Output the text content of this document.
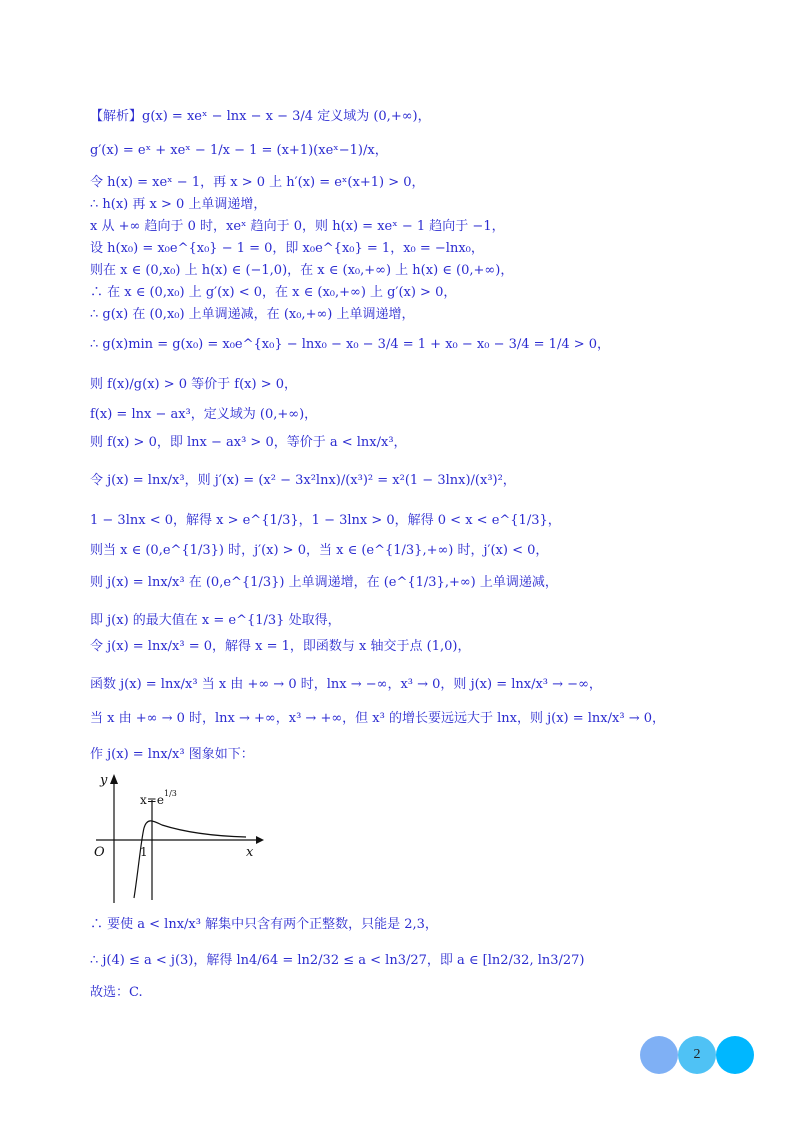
【解析】g(x) = xeˣ − lnx − x − 3/4 定义域为 (0,+∞)，
g′(x) = eˣ + xeˣ − 1/x − 1 = (x+1)(xeˣ−1)/x，
令 h(x) = xeˣ − 1，再 x > 0 上 h′(x) = eˣ(x+1) > 0，
∴ h(x) 再 x > 0 上单调递增，
x 从 +∞ 趋向于 0 时，xeˣ 趋向于 0，则 h(x) = xeˣ − 1 趋向于 −1，
设 h(x₀) = x₀e^{x₀} − 1 = 0，即 x₀e^{x₀} = 1，x₀ = −lnx₀，
则在 x ∈ (0,x₀) 上 h(x) ∈ (−1,0)，在 x ∈ (x₀,+∞) 上 h(x) ∈ (0,+∞)，
∴ 在 x ∈ (0,x₀) 上 g′(x) < 0，在 x ∈ (x₀,+∞) 上 g′(x) > 0，
∴ g(x) 在 (0,x₀) 上单调递减，在 (x₀,+∞) 上单调递增，
∴ g(x)min = g(x₀) = x₀e^{x₀} − lnx₀ − x₀ − 3/4 = 1 + x₀ − x₀ − 3/4 = 1/4 > 0，
则 f(x)/g(x) > 0 等价于 f(x) > 0，
f(x) = lnx − ax³，定义域为 (0,+∞)，
则 f(x) > 0，即 lnx − ax³ > 0，等价于 a < lnx/x³，
令 j(x) = lnx/x³，则 j′(x) = (x² − 3x²lnx)/(x³)² = x²(1 − 3lnx)/(x³)²，
1 − 3lnx < 0，解得 x > e^{1/3}，1 − 3lnx > 0，解得 0 < x < e^{1/3}，
则当 x ∈ (0,e^{1/3}) 时，j′(x) > 0，当 x ∈ (e^{1/3},+∞) 时，j′(x) < 0，
则 j(x) = lnx/x³ 在 (0,e^{1/3}) 上单调递增，在 (e^{1/3},+∞) 上单调递减，
即 j(x) 的最大值在 x = e^{1/3} 处取得，
令 j(x) = lnx/x³ = 0，解得 x = 1，即函数与 x 轴交于点 (1,0)，
函数 j(x) = lnx/x³ 当 x 由 +∞ → 0 时，lnx → −∞，x³ → 0，则 j(x) = lnx/x³ → −∞，
当 x 由 +∞ → 0 时，lnx → +∞，x³ → +∞，但 x³ 的增长要远远大于 lnx，则 j(x) = lnx/x³ → 0，
作 j(x) = lnx/x³ 图象如下：
∴ 要使 a < lnx/x³ 解集中只含有两个正整数，只能是 2,3，
∴ j(4) ≤ a < j(3)，解得 ln4/64 = ln2/32 ≤ a < ln3/27，即 a ∈ [ln2/32, ln3/27)
故选：C.
y
x
O	1
x=e 1/3
2
